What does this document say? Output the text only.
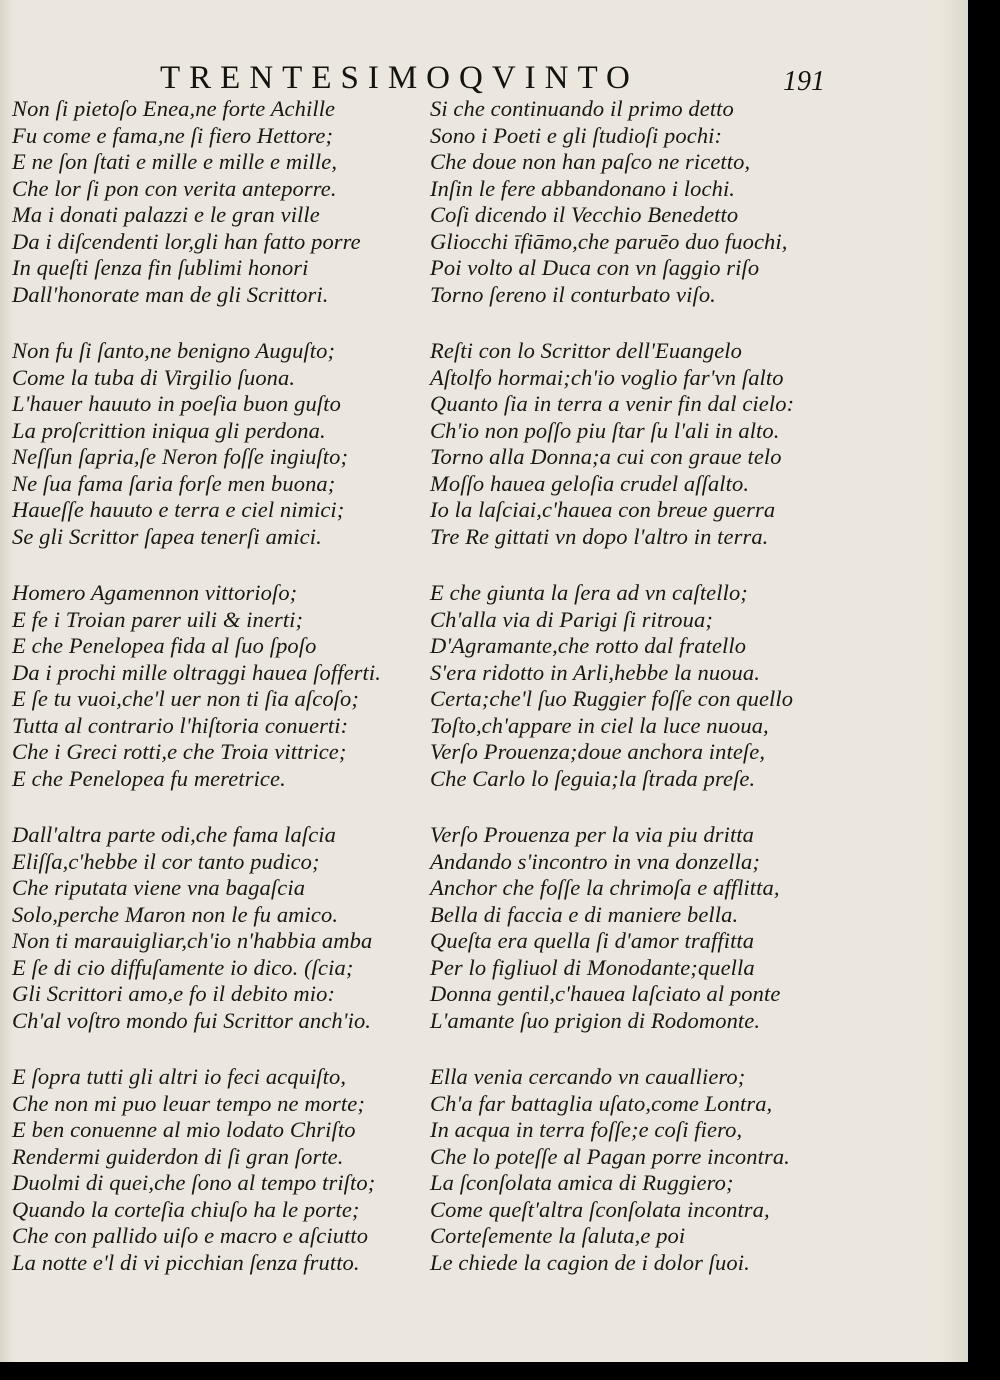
TRENTESIMOQVINTO	191
Non ſi pietoſo Enea,ne forte Achille
Fu come e fama,ne ſi fiero Hettore;
E ne ſon ſtati e mille e mille e mille,
Che lor ſi pon con verita anteporre.
Ma i donati palazzi e le gran ville
Da i diſcendenti lor,gli han fatto porre
In queſti ſenza fin ſublimi honori
Dall'honorate man de gli Scrittori.
Non fu ſi ſanto,ne benigno Auguſto;
Come la tuba di Virgilio ſuona.
L'hauer hauuto in poeſia buon guſto
La proſcrittion iniqua gli perdona.
Neſſun ſapria,ſe Neron foſſe ingiuſto;
Ne ſua fama ſaria forſe men buona;
Haueſſe hauuto e terra e ciel nimici;
Se gli Scrittor ſapea tenerſi amici.
Homero Agamennon vittorioſo;
E fe i Troian parer uili & inerti;
E che Penelopea fida al ſuo ſpoſo
Da i prochi mille oltraggi hauea ſofferti.
E ſe tu vuoi,che'l uer non ti ſia aſcoſo;
Tutta al contrario l'hiſtoria conuerti:
Che i Greci rotti,e che Troia vittrice;
E che Penelopea fu meretrice.
Dall'altra parte odi,che fama laſcia
Eliſſa,c'hebbe il cor tanto pudico;
Che riputata viene vna bagaſcia
Solo,perche Maron non le fu amico.
Non ti marauigliar,ch'io n'habbia amba
E ſe di cio diffuſamente io dico. (ſcia;
Gli Scrittori amo,e fo il debito mio:
Ch'al voſtro mondo fui Scrittor anch'io.
E ſopra tutti gli altri io feci acquiſto,
Che non mi puo leuar tempo ne morte;
E ben conuenne al mio lodato Chriſto
Rendermi guiderdon di ſi gran ſorte.
Duolmi di quei,che ſono al tempo triſto;
Quando la corteſia chiuſo ha le porte;
Che con pallido uiſo e macro e aſciutto
La notte e'l di vi picchian ſenza frutto.
Si che continuando il primo detto
Sono i Poeti e gli ſtudioſi pochi:
Che doue non han paſco ne ricetto,
Inſin le fere abbandonano i lochi.
Coſi dicendo il Vecchio Benedetto
Gliocchi īfiāmo,che paruēo duo fuochi,
Poi volto al Duca con vn ſaggio riſo
Torno ſereno il conturbato viſo.
Reſti con lo Scrittor dell'Euangelo
Aſtolfo hormai;ch'io voglio far'vn ſalto
Quanto ſia in terra a venir fin dal cielo:
Ch'io non poſſo piu ſtar ſu l'ali in alto.
Torno alla Donna;a cui con graue telo
Moſſo hauea geloſia crudel aſſalto.
Io la laſciai,c'hauea con breue guerra
Tre Re gittati vn dopo l'altro in terra.
E che giunta la ſera ad vn caſtello;
Ch'alla via di Parigi ſi ritroua;
D'Agramante,che rotto dal fratello
S'era ridotto in Arli,hebbe la nuoua.
Certa;che'l ſuo Ruggier foſſe con quello
Toſto,ch'appare in ciel la luce nuoua,
Verſo Prouenza;doue anchora inteſe,
Che Carlo lo ſeguia;la ſtrada preſe.
Verſo Prouenza per la via piu dritta
Andando s'incontro in vna donzella;
Anchor che foſſe la chrimoſa e afflitta,
Bella di faccia e di maniere bella.
Queſta era quella ſi d'amor traffitta
Per lo figliuol di Monodante;quella
Donna gentil,c'hauea laſciato al ponte
L'amante ſuo prigion di Rodomonte.
Ella venia cercando vn caualliero;
Ch'a far battaglia uſato,come Lontra,
In acqua in terra foſſe;e coſi fiero,
Che lo poteſſe al Pagan porre incontra.
La ſconſolata amica di Ruggiero;
Come queſt'altra ſconſolata incontra,
Corteſemente la ſaluta,e poi
Le chiede la cagion de i dolor ſuoi.
